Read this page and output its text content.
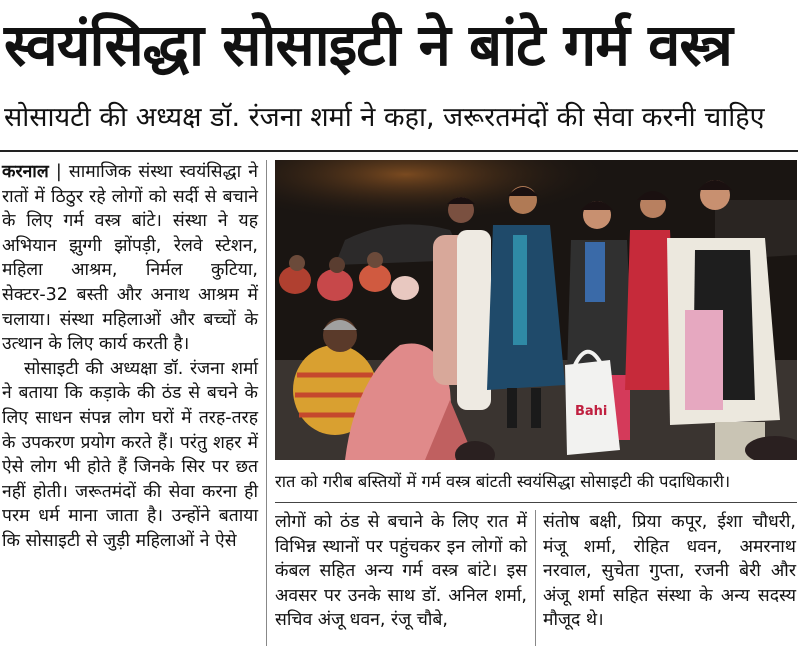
स्वयंसिद्धा सोसाइटी ने बांटे गर्म वस्त्र
सोसायटी की अध्यक्ष डॉ. रंजना शर्मा ने कहा, जरूरतमंदों की सेवा करनी चाहिए

करनाल | सामाजिक संस्था स्वयंसिद्धा ने रातों में ठिठुर रहे लोगों को सर्दी से बचाने के लिए गर्म वस्त्र बांटे। संस्था ने यह अभियान झुग्गी झोंपड़ी, रेलवे स्टेशन, महिला आश्रम, निर्मल कुटिया, सेक्टर-32 बस्ती और अनाथ आश्रम में चलाया। संस्था महिलाओं और बच्चों के उत्थान के लिए कार्य करती है।

सोसाइटी की अध्यक्षा डॉ. रंजना शर्मा ने बताया कि कड़ाके की ठंड से बचने के लिए साधन संपन्न लोग घरों में तरह-तरह के उपकरण प्रयोग करते हैं। परंतु शहर में ऐसे लोग भी होते हैं जिनके सिर पर छत नहीं होती। जरूतमंदों की सेवा करना ही परम धर्म माना जाता है। उन्होंने बताया कि सोसाइटी से जुड़ी महिलाओं ने ऐसे

Bahi
रात को गरीब बस्तियों में गर्म वस्त्र बांटती स्वयंसिद्धा सोसाइटी की पदाधिकारी।
लोगों को ठंड से बचाने के लिए रात में विभिन्न स्थानों पर पहुंचकर इन लोगों को कंबल सहित अन्य गर्म वस्त्र बांटे। इस अवसर पर उनके साथ डॉ. अनिल शर्मा, सचिव अंजू धवन, रंजू चौबे,
संतोष बक्षी, प्रिया कपूर, ईशा चौधरी, मंजू शर्मा, रोहित धवन, अमरनाथ नरवाल, सुचेता गुप्ता, रजनी बेरी और अंजू शर्मा सहित संस्था के अन्य सदस्य मौजूद थे।
